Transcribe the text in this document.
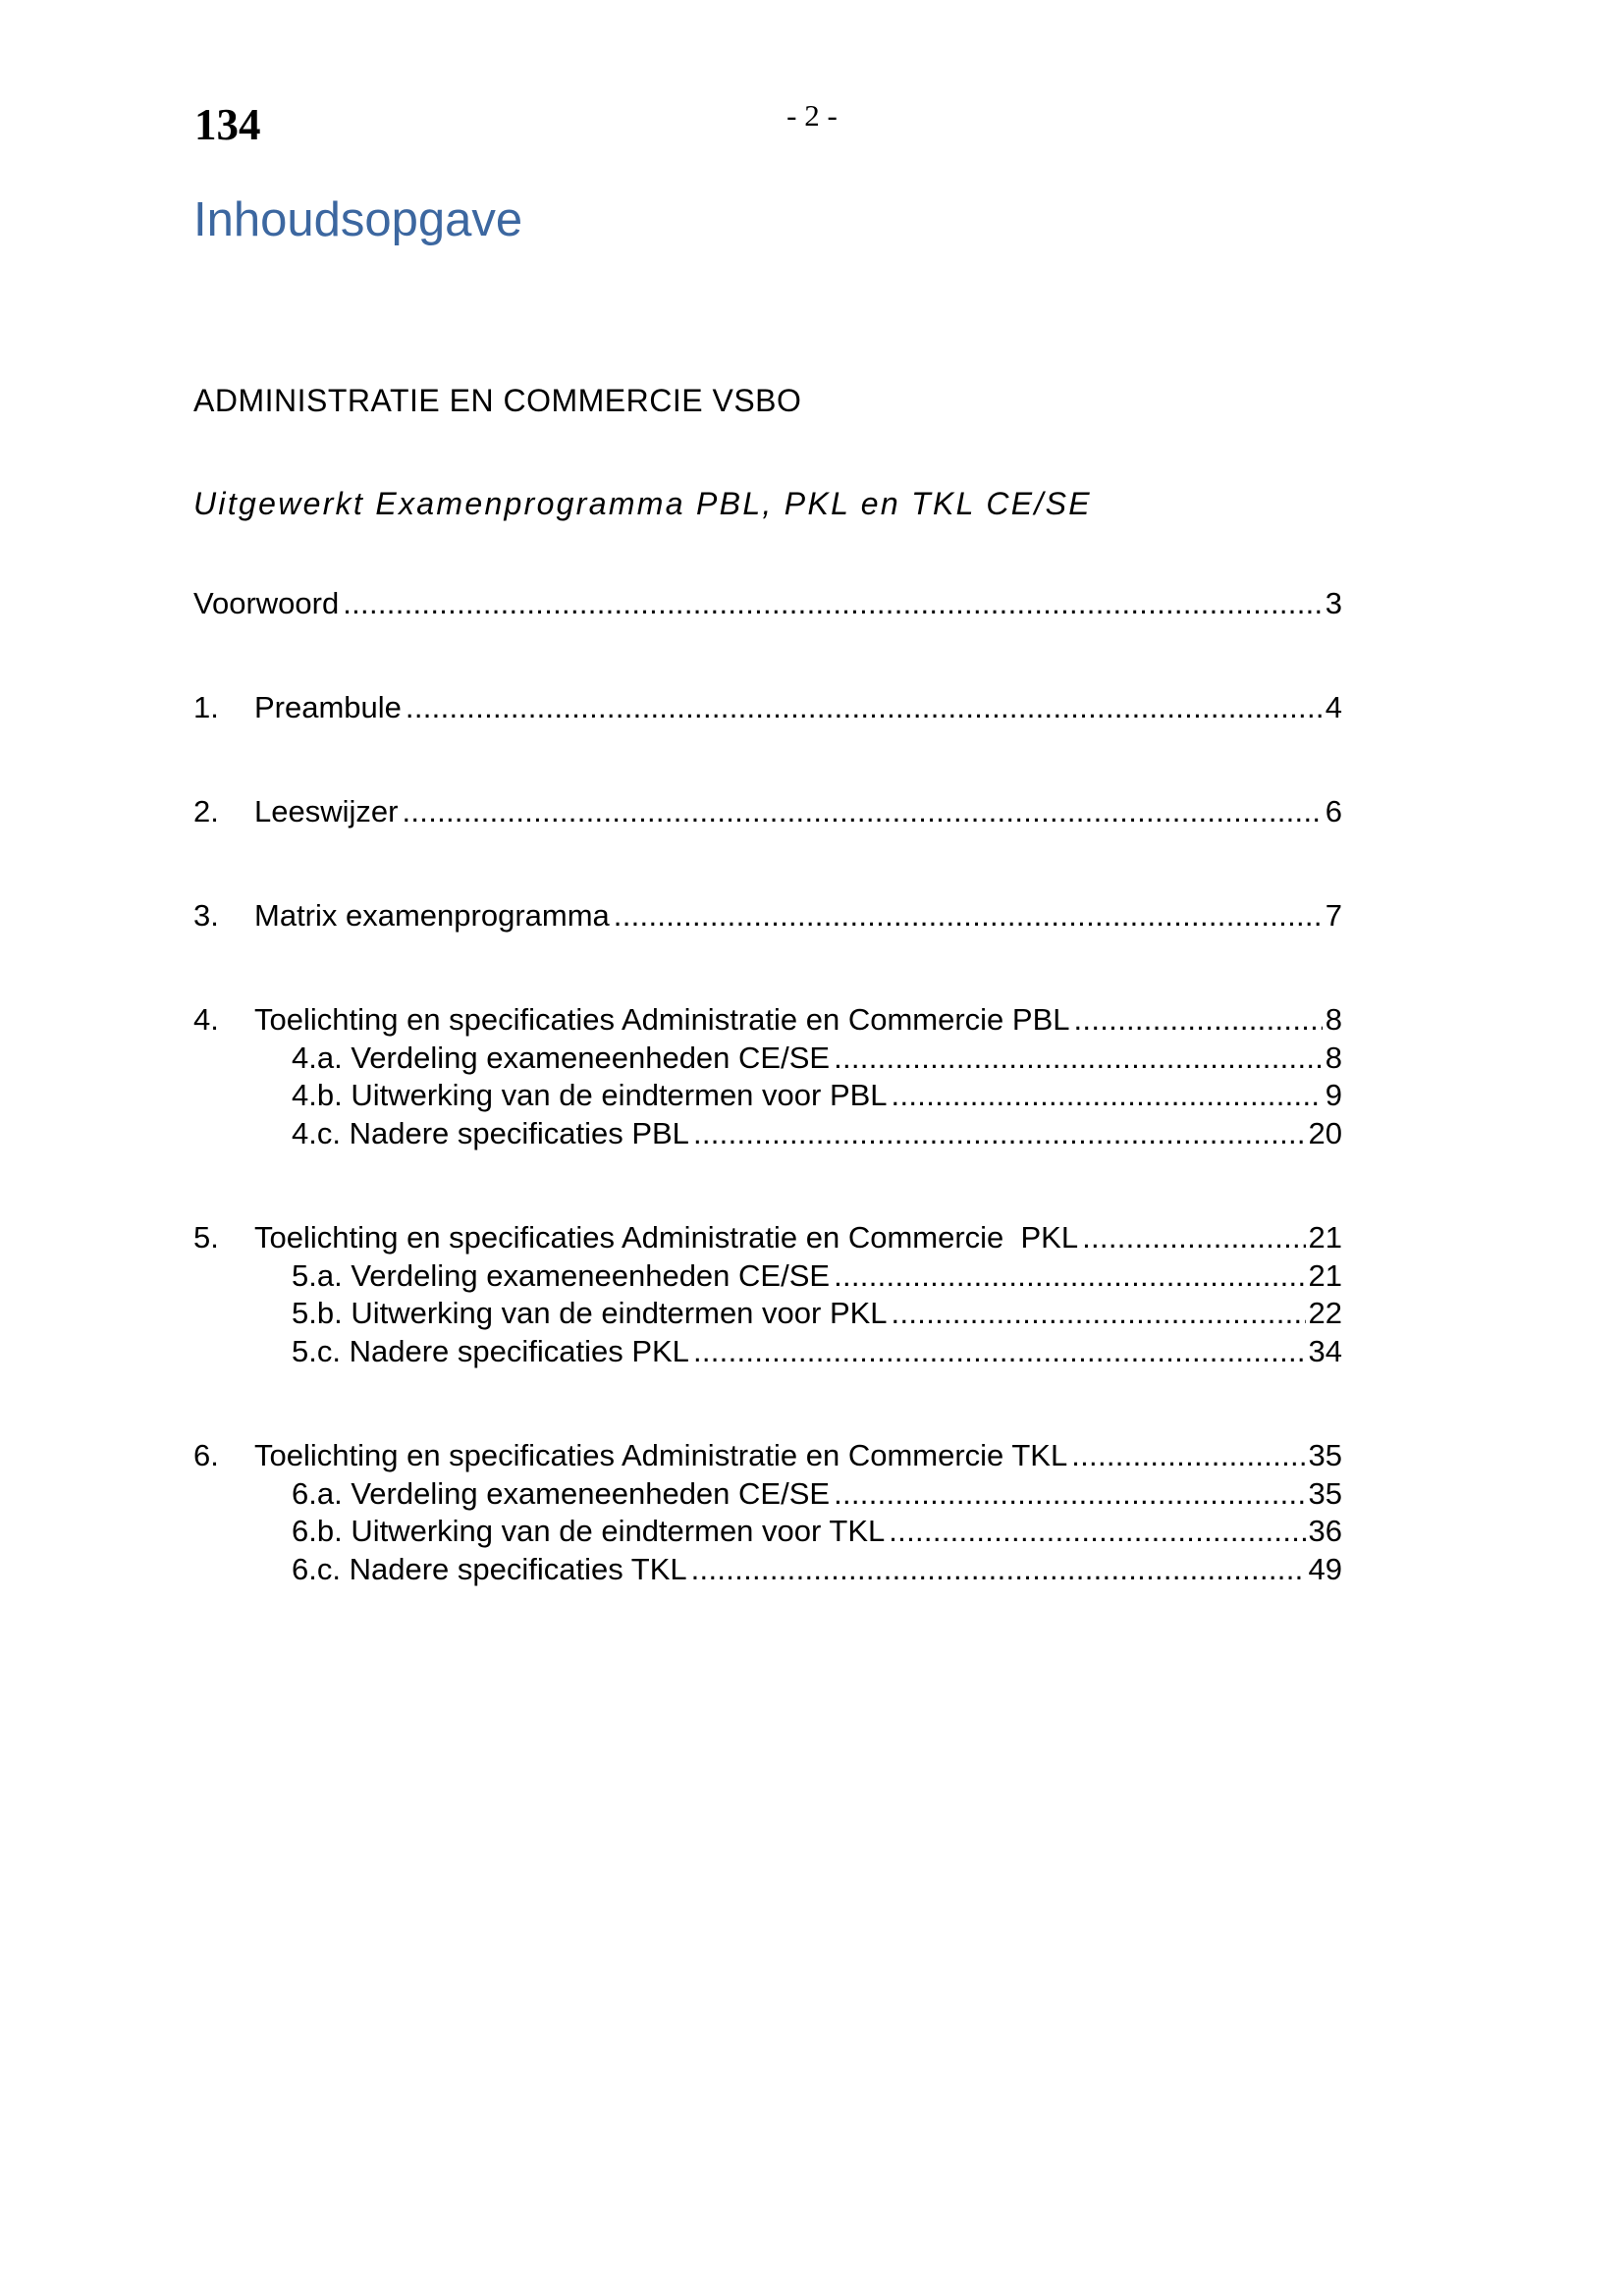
134	- 2 -
Inhoudsopgave
ADMINISTRATIE EN COMMERCIE VSBO
Uitgewerkt Examenprogramma PBL, PKL en TKL CE/SE
Voorwoord .....	3
1.	Preambule .....	4
2.	Leeswijzer .....	6
3.	Matrix examenprogramma .....	7
4.	Toelichting en specificaties Administratie en Commercie PBL .....	8
4.a. Verdeling exameneenheden CE/SE .....	8
4.b. Uitwerking van de eindtermen voor PBL .....	9
4.c. Nadere specificaties PBL .....	20
5.	Toelichting en specificaties Administratie en Commercie  PKL .....	21
5.a. Verdeling exameneenheden CE/SE .....	21
5.b. Uitwerking van de eindtermen voor PKL .....	22
5.c. Nadere specificaties PKL .....	34
6.	Toelichting en specificaties Administratie en Commercie TKL .....	35
6.a. Verdeling exameneenheden CE/SE .....	35
6.b. Uitwerking van de eindtermen voor TKL .....	36
6.c. Nadere specificaties TKL .....	49
